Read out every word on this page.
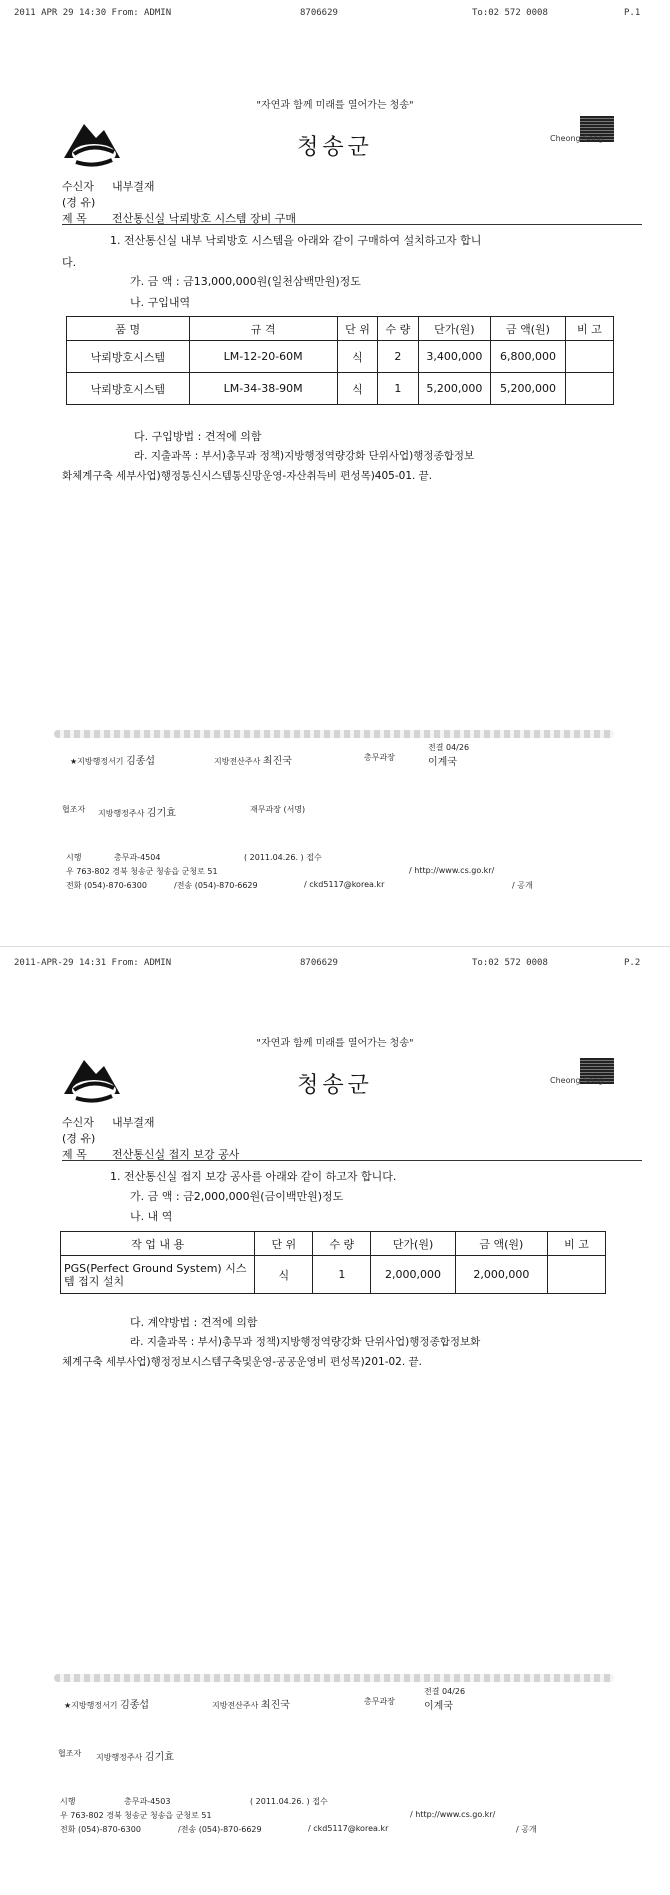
2011 APR 29 14:30 From: ADMIN	8706629	To:02 572 0008	P.1
"자연과 함께 미래를 열어가는 청송"
청송군	Cheong Song
수신자 내부결재
(경 유)
제 목 전산통신실 낙뢰방호 시스템 장비 구매
1. 전산통신실 내부 낙뢰방호 시스템을 아래와 같이 구매하여 설치하고자 합니
다.
가. 금 액 : 금13,000,000원(일천삼백만원)정도
나. 구입내역
품 명	규 격	단 위	수 량	단가(원)	금 액(원)	비 고
낙뢰방호시스템	LM-12-20-60M	식	2	3,400,000	6,800,000	
낙뢰방호시스템	LM-34-38-90M	식	1	5,200,000	5,200,000	
다. 구입방법 : 견적에 의함
라. 지출과목 : 부서)총무과 정책)지방행정역량강화 단위사업)행정종합정보
화체계구축 세부사업)행정통신시스템통신망운영-자산취득비 편성목)405-01. 끝.
★지방행정서기 김종섭	지방전산주사 최진국	총무과장
전결 04/26
이계국
협조자 지방행정주사 김기효	재무과장 (서명)
시행	총무과-4504	( 2011.04.26. ) 접수
우 763-802 경북 청송군 청송읍 군청로 51	/ http://www.cs.go.kr/
전화 (054)-870-6300	/전송 (054)-870-6629	/ ckd5117@korea.kr	/ 공개
2011-APR-29 14:31 From: ADMIN	8706629	To:02 572 0008	P.2
"자연과 함께 미래를 열어가는 청송"
청송군	Cheong Song
수신자 내부결재
(경 유)
제 목 전산통신실 접지 보강 공사
1. 전산통신실 접지 보강 공사를 아래와 같이 하고자 합니다.
가. 금 액 : 금2,000,000원(금이백만원)정도
나. 내 역
작 업 내 용	단 위	수 량	단가(원)	금 액(원)	비 고
PGS(Perfect Ground System) 시스템 접지 설치	식	1	2,000,000	2,000,000	
다. 계약방법 : 견적에 의함
라. 지출과목 : 부서)총무과 정책)지방행정역량강화 단위사업)행정종합정보화
체계구축 세부사업)행정정보시스템구축및운영-공공운영비 편성목)201-02. 끝.
★지방행정서기 김종섭	지방전산주사 최진국	총무과장
전결 04/26
이계국
협조자 지방행정주사 김기효
시행	총무과-4503	( 2011.04.26. ) 접수
우 763-802 경북 청송군 청송읍 군청로 51	/ http://www.cs.go.kr/
전화 (054)-870-6300	/전송 (054)-870-6629	/ ckd5117@korea.kr	/ 공개
